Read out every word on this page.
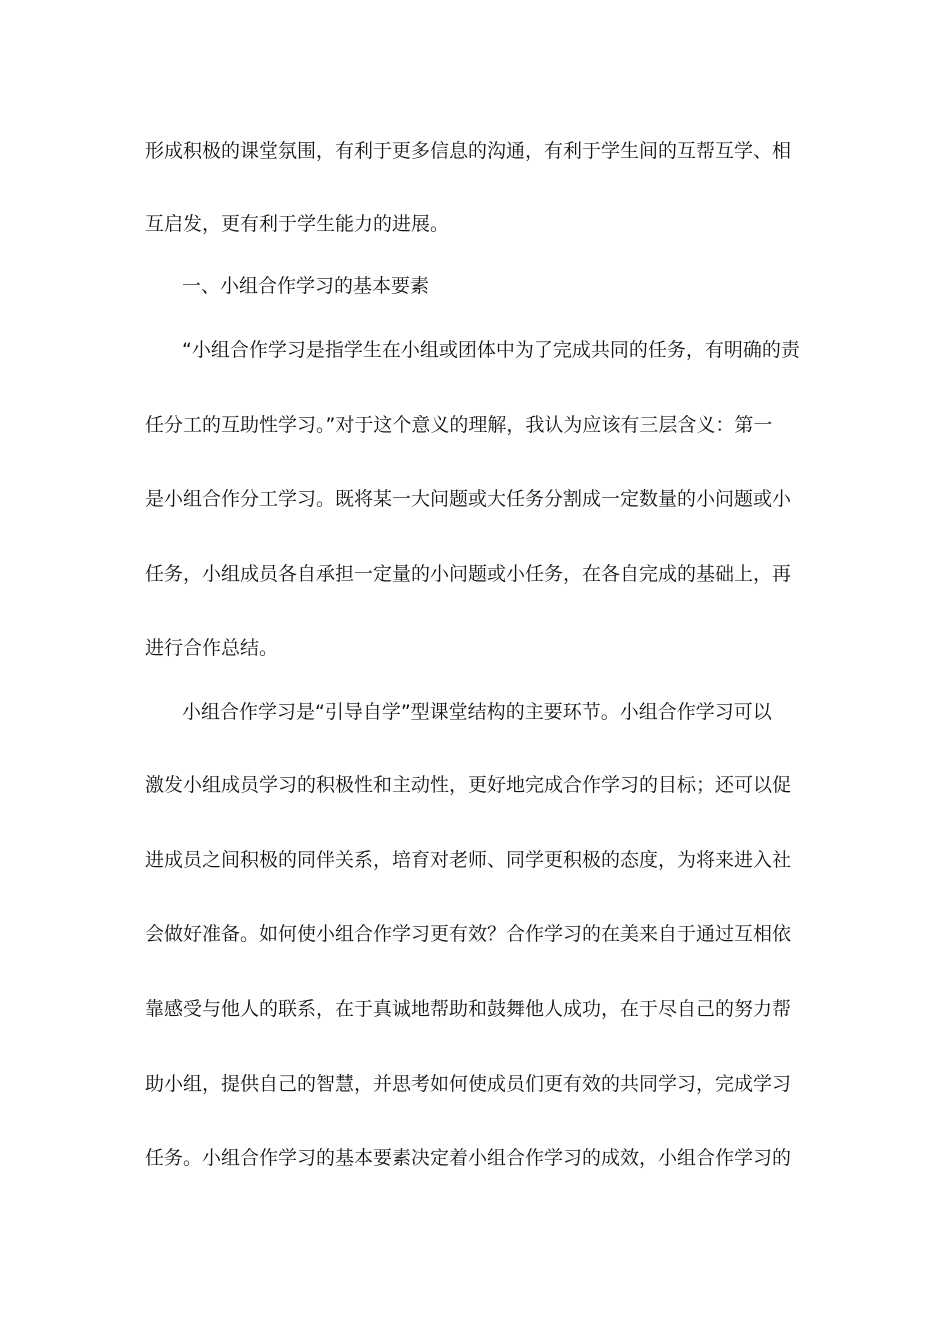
形成积极的课堂氛围，有利于更多信息的沟通，有利于学生间的互帮互学、相
互启发，更有利于学生能力的进展。
一、小组合作学习的基本要素
“小组合作学习是指学生在小组或团体中为了完成共同的任务，有明确的责
任分工的互助性学习。”对于这个意义的理解，我认为应该有三层含义：第一
是小组合作分工学习。既将某一大问题或大任务分割成一定数量的小问题或小
任务，小组成员各自承担一定量的小问题或小任务，在各自完成的基础上，再
进行合作总结。
小组合作学习是“引导自学”型课堂结构的主要环节。小组合作学习可以
激发小组成员学习的积极性和主动性，更好地完成合作学习的目标；还可以促
进成员之间积极的同伴关系，培育对老师、同学更积极的态度，为将来进入社
会做好准备。如何使小组合作学习更有效？合作学习的在美来自于通过互相依
靠感受与他人的联系，在于真诚地帮助和鼓舞他人成功，在于尽自己的努力帮
助小组，提供自己的智慧，并思考如何使成员们更有效的共同学习，完成学习
任务。小组合作学习的基本要素决定着小组合作学习的成效，小组合作学习的
